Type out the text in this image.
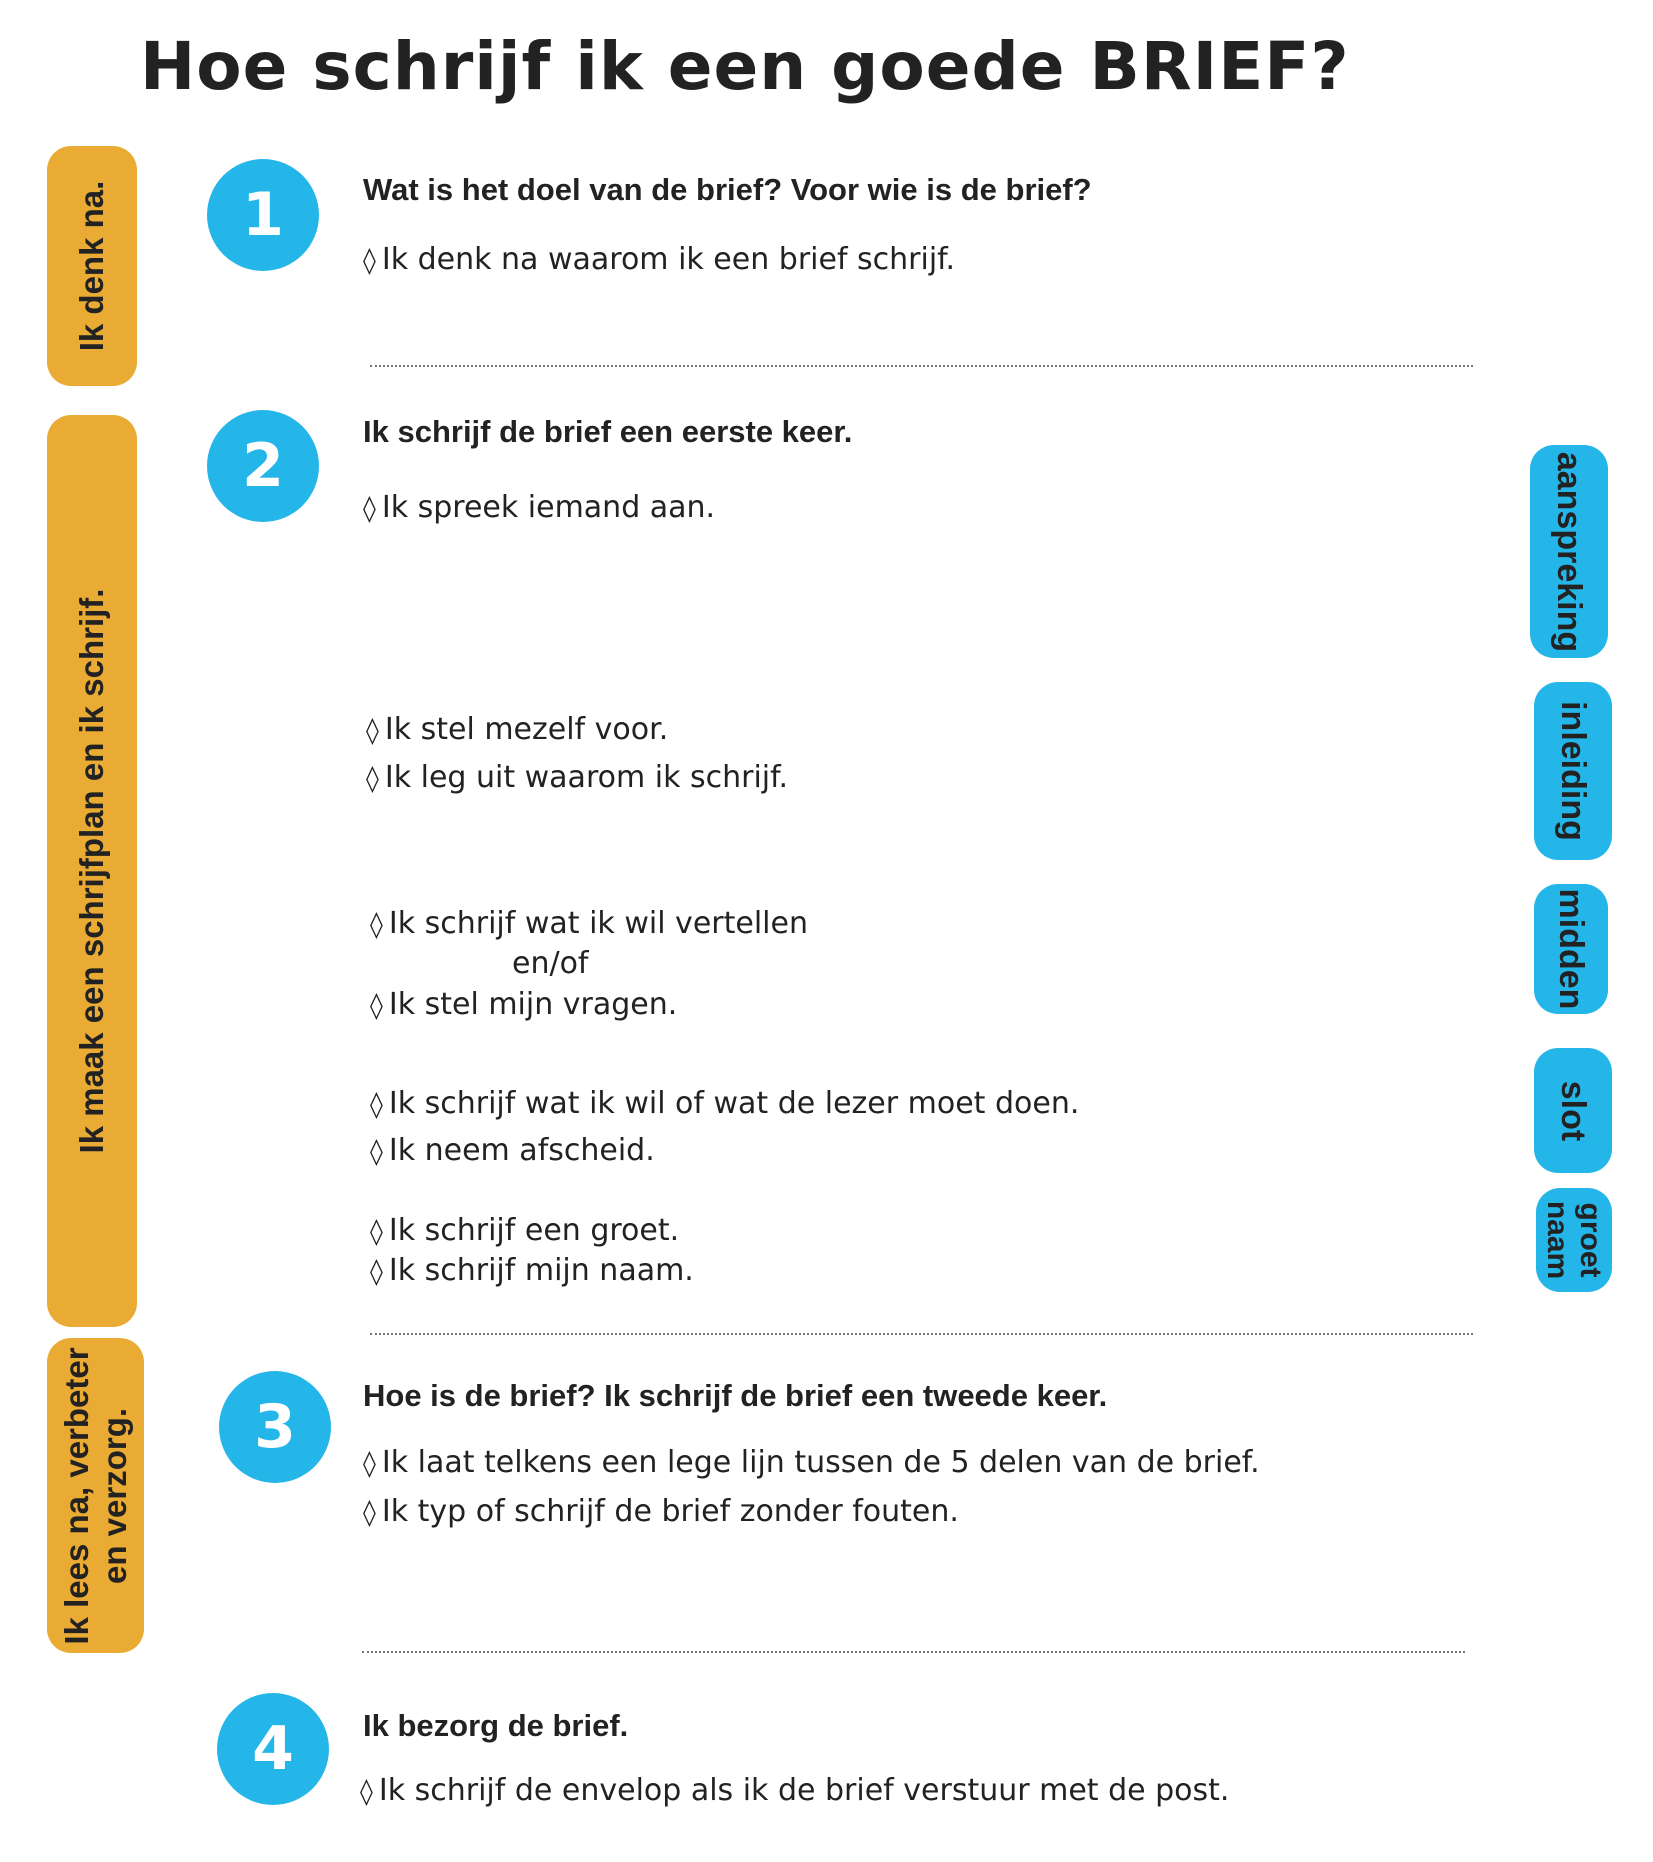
Hoe schrijf ik een goede BRIEF?
Ik denk na.
Ik maak een schrijfplan en ik schrijf.
Ik lees na, verbeter en verzorg.
aanspreking
inleiding
midden
slot
groet
naam
1	Wat is het doel van de brief? Voor wie is de brief?
◊ Ik denk na waarom ik een brief schrijf.
2	Ik schrijf de brief een eerste keer.
◊ Ik spreek iemand aan.
◊ Ik stel mezelf voor.
◊ Ik leg uit waarom ik schrijf.
◊ Ik schrijf wat ik wil vertellen
en/of
◊ Ik stel mijn vragen.
◊ Ik schrijf wat ik wil of wat de lezer moet doen.
◊ Ik neem afscheid.
◊ Ik schrijf een groet.
◊ Ik schrijf mijn naam.
3	Hoe is de brief? Ik schrijf de brief een tweede keer.
◊ Ik laat telkens een lege lijn tussen de 5 delen van de brief.
◊ Ik typ of schrijf de brief zonder fouten.
4	Ik bezorg de brief.
◊ Ik schrijf de envelop als ik de brief verstuur met de post.
